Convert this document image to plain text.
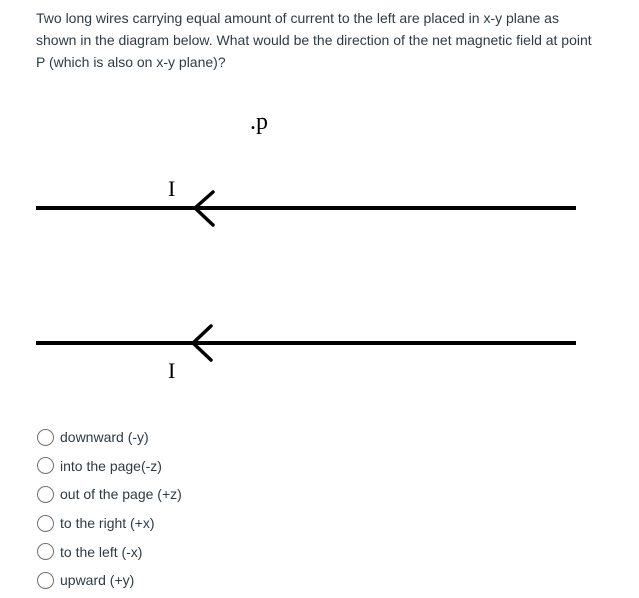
Two long wires carrying equal amount of current to the left are placed in x-y plane as shown in the diagram below. What would be the direction of the net magnetic field at point P (which is also on x-y plane)?
.p
I
I
downward (-y)
into the page(-z)
out of the page (+z)
to the right (+x)
to the left (-x)
upward (+y)
